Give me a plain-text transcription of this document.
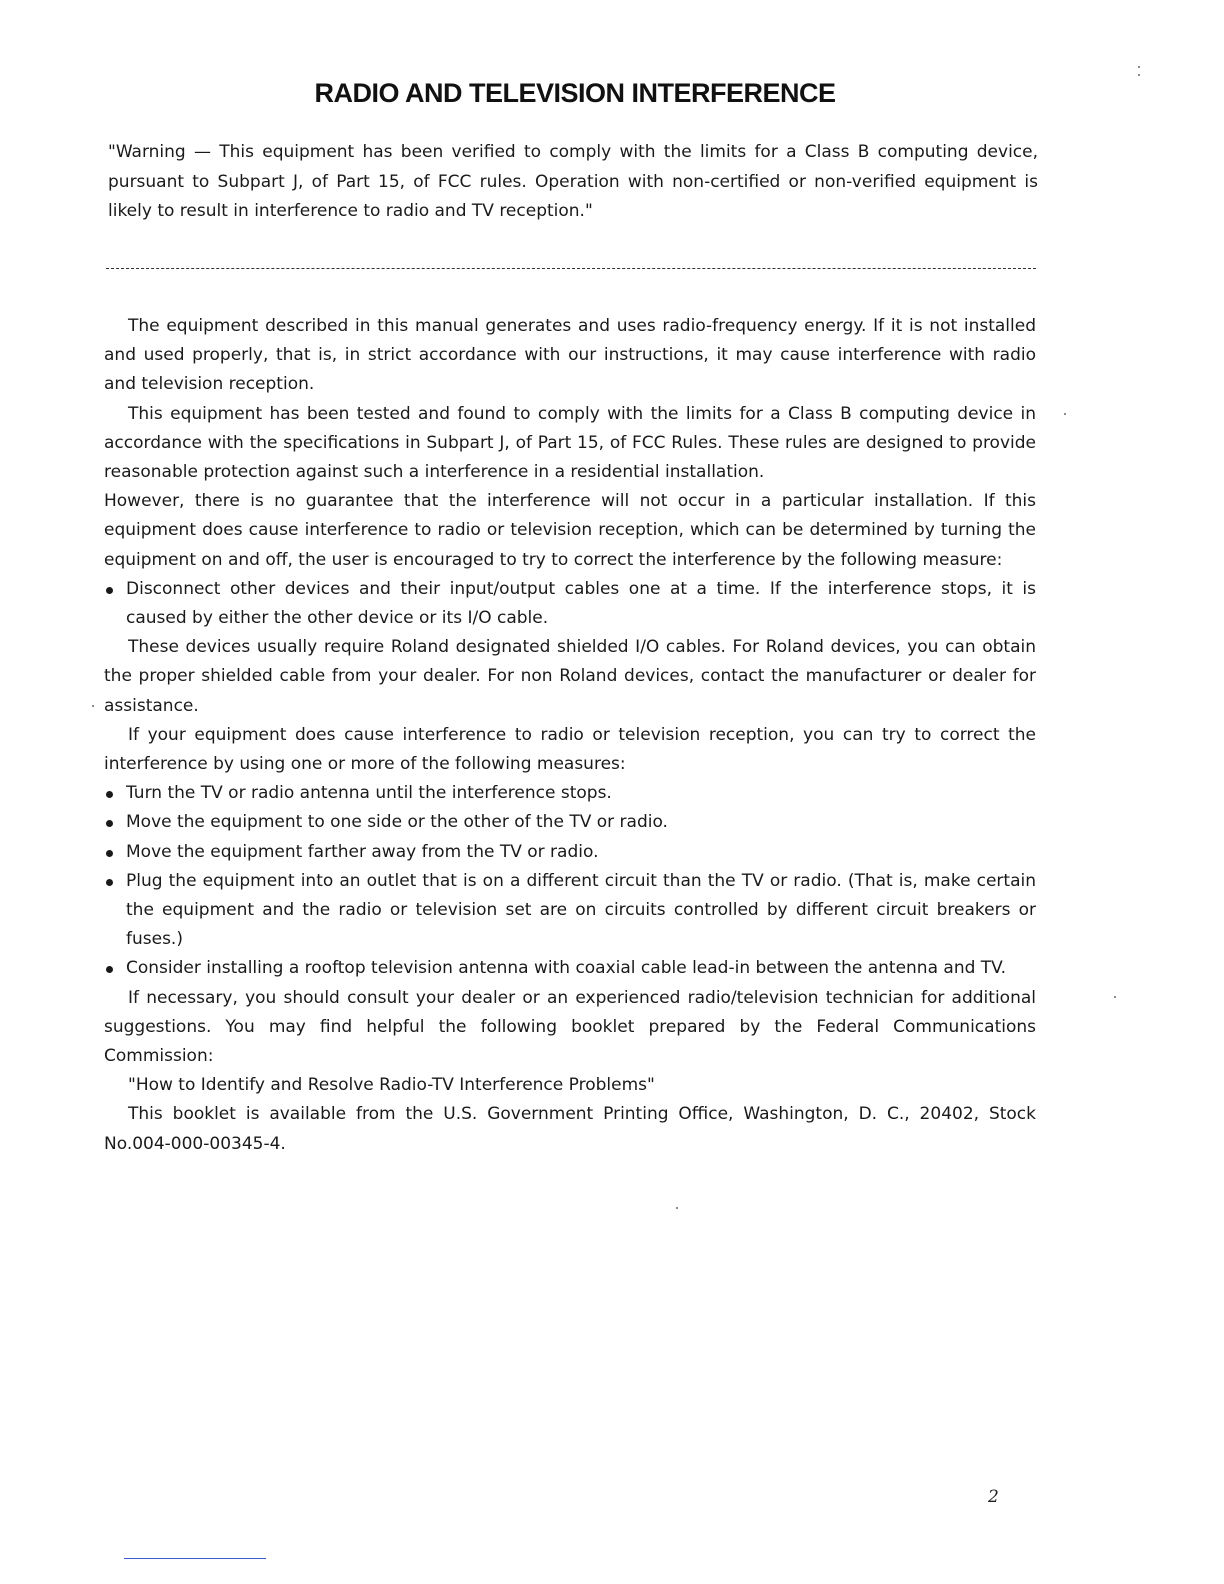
RADIO AND TELEVISION INTERFERENCE

"Warning — This equipment has been verified to comply with the limits for a Class B computing device, pursuant to Subpart J, of Part 15, of FCC rules. Operation with non-certified or non-verified equipment is likely to result in interference to radio and TV reception."

The equipment described in this manual generates and uses radio-frequency energy. If it is not installed and used properly, that is, in strict accordance with our instructions, it may cause interference with radio and television reception.

This equipment has been tested and found to comply with the limits for a Class B computing device in accordance with the specifications in Subpart J, of Part 15, of FCC Rules. These rules are designed to provide reasonable protection against such a interference in a residential installation.

However, there is no guarantee that the interference will not occur in a particular installation. If this equipment does cause interference to radio or television reception, which can be determined by turning the equipment on and off, the user is encouraged to try to correct the interference by the following measure:

Disconnect other devices and their input/output cables one at a time. If the interference stops, it is caused by either the other device or its I/O cable.

These devices usually require Roland designated shielded I/O cables. For Roland devices, you can obtain the proper shielded cable from your dealer. For non Roland devices, contact the manufacturer or dealer for assistance.

If your equipment does cause interference to radio or television reception, you can try to correct the interference by using one or more of the following measures:

Turn the TV or radio antenna until the interference stops.
Move the equipment to one side or the other of the TV or radio.
Move the equipment farther away from the TV or radio.
Plug the equipment into an outlet that is on a different circuit than the TV or radio. (That is, make certain the equipment and the radio or television set are on circuits controlled by different circuit breakers or fuses.)
Consider installing a rooftop television antenna with coaxial cable lead-in between the antenna and TV.

If necessary, you should consult your dealer or an experienced radio/television technician for additional suggestions. You may find helpful the following booklet prepared by the Federal Communications Commission:

"How to Identify and Resolve Radio-TV Interference Problems"

This booklet is available from the U.S. Government Printing Office, Washington, D. C., 20402, Stock No.004-000-00345-4.

2
